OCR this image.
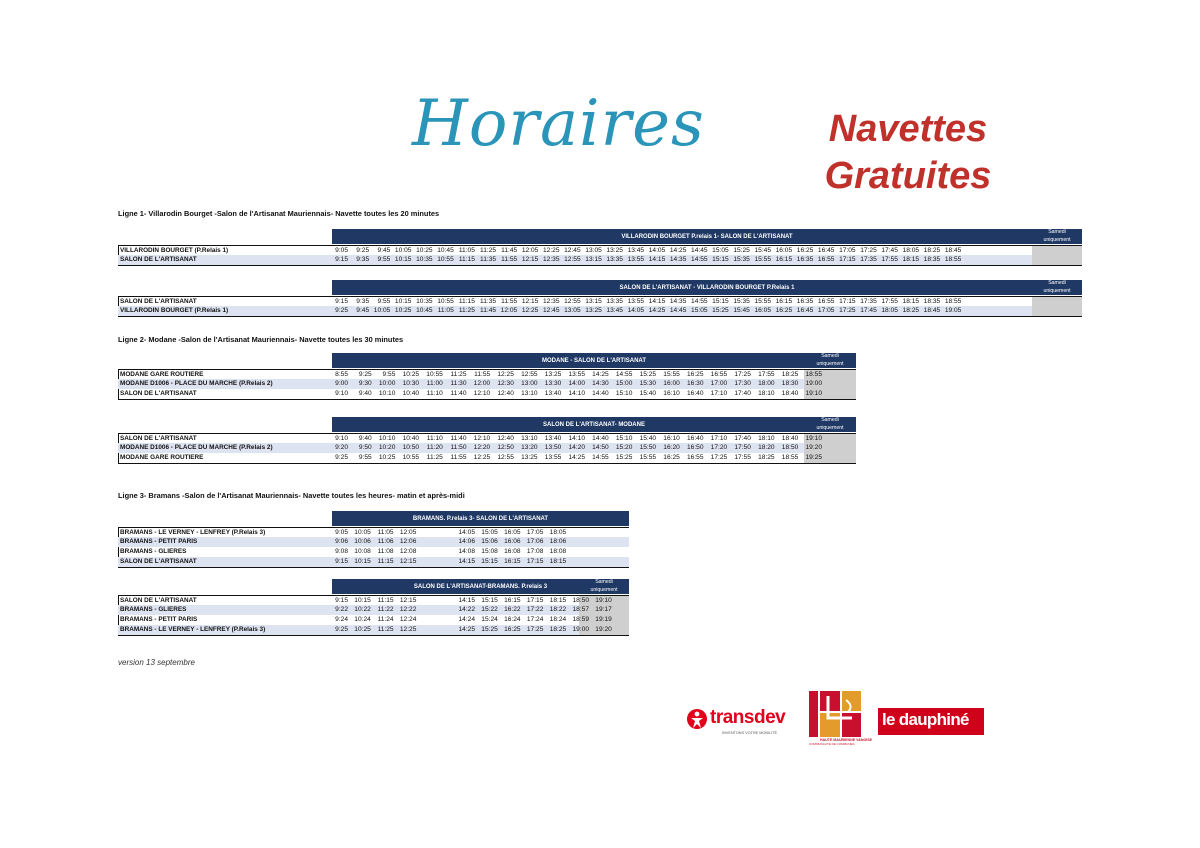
Horaires	Navettes
Gratuites
Ligne 1- Villarodin Bourget -Salon de l'Artisanat Mauriennais- Navette toutes les 20 minutes
Ligne 2- Modane -Salon de l'Artisanat Mauriennais- Navette toutes les 30 minutes
Ligne 3- Bramans -Salon de l'Artisanat Mauriennais- Navette toutes les heures- matin et après-midi
VILLARODIN BOURGET P.relais 1- SALON DE L'ARTISANAT
Samedi
uniquement
VILLARODIN BOURGET (P.Relais 1)	9:05	9:25	9:45 10:05 10:25 10:45 11:05 11:25 11:45 12:05 12:25 12:45 13:05 13:25 13:45 14:05 14:25 14:45 15:05 15:25 15:45 16:05 16:25 16:45 17:05 17:25 17:45 18:05 18:25 18:45
SALON DE L'ARTISANAT	9:15	9:35	9:55 10:15 10:35 10:55 11:15 11:35 11:55 12:15 12:35 12:55 13:15 13:35 13:55 14:15 14:35 14:55 15:15 15:35 15:55 16:15 16:35 16:55 17:15 17:35 17:55 18:15 18:35 18:55
SALON DE L'ARTISANAT - VILLARODIN BOURGET P.Relais 1
Samedi
uniquement
SALON DE L'ARTISANAT	9:15	9:35	9:55 10:15 10:35 10:55 11:15 11:35 11:55 12:15 12:35 12:55 13:15 13:35 13:55 14:15 14:35 14:55 15:15 15:35 15:55 16:15 16:35 16:55 17:15 17:35 17:55 18:15 18:35 18:55
VILLARODIN BOURGET (P.Relais 1)	9:25	9:45 10:05 10:25 10:45 11:05 11:25 11:45 12:05 12:25 12:45 13:05 13:25 13:45 14:05 14:25 14:45 15:05 15:25 15:45 16:05 16:25 16:45 17:05 17:25 17:45 18:05 18:25 18:45 19:05
MODANE - SALON DE L'ARTISANAT
Samedi
uniquement
MODANE GARE ROUTIERE	8:55	9:25	9:55	10:25	10:55	11:25	11:55	12:25	12:55	13:25	13:55	14:25	14:55	15:25	15:55	16:25	16:55	17:25	17:55	18:25	18:55
MODANE D1006 - PLACE DU MARCHE (P.Relais 2)	9:00	9:30	10:00	10:30	11:00	11:30	12:00	12:30	13:00	13:30	14:00	14:30	15:00	15:30	16:00	16:30	17:00	17:30	18:00	18:30	19:00
SALON DE L'ARTISANAT	9:10	9:40	10:10	10:40	11:10	11:40	12:10	12:40	13:10	13:40	14:10	14:40	15:10	15:40	16:10	16:40	17:10	17:40	18:10	18:40	19:10
SALON DE L'ARTISANAT- MODANE
Samedi
uniquement
SALON DE L'ARTISANAT	9:10	9:40	10:10	10:40	11:10	11:40	12:10	12:40	13:10	13:40	14:10	14:40	15:10	15:40	16:10	16:40	17:10	17:40	18:10	18:40	19:10
MODANE D1006 - PLACE DU MARCHE (P.Relais 2)	9:20	9:50	10:20	10:50	11:20	11:50	12:20	12:50	13:20	13:50	14:20	14:50	15:20	15:50	16:20	16:50	17:20	17:50	18:20	18:50	19:20
MODANE GARE ROUTIERE	9:25	9:55	10:25	10:55	11:25	11:55	12:25	12:55	13:25	13:55	14:25	14:55	15:25	15:55	16:25	16:55	17:25	17:55	18:25	18:55	19:25
BRAMANS. P.relais 3- SALON DE L'ARTISANAT
BRAMANS - LE VERNEY - LENFREY (P.Relais 3)	9:05 10:05	11:05 12:05	14:05 15:05 16:05 17:05 18:05
BRAMANS - PETIT PARIS	9:06 10:06	11:06 12:06	14:06 15:06 16:06 17:06 18:06
BRAMANS - GLIERES	9:08 10:08	11:08 12:08	14:08 15:08 16:08 17:08 18:08
SALON DE L'ARTISANAT	9:15 10:15	11:15 12:15	14:15 15:15 16:15 17:15 18:15
SALON DE L'ARTISANAT-BRAMANS. P.relais 3
Samedi
uniquement
SALON DE L'ARTISANAT	9:15 10:15	11:15 12:15	14:15 15:15 16:15 17:15 18:15 18:50 19:10
BRAMANS - GLIERES	9:22 10:22	11:22 12:22	14:22 15:22 16:22 17:22 18:22 18:57 19:17
BRAMANS - PETIT PARIS	9:24 10:24	11:24 12:24	14:24 15:24 16:24 17:24 18:24 18:59 19:19
BRAMANS - LE VERNEY - LENFREY (P.Relais 3)	9:25 10:25	11:25 12:25	14:25 15:25 16:25 17:25 18:25 19:00 19:20
version 13 septembre
transdev
INVENTONS VOTRE MOBILITÉ
HAUTE MAURIENNE VANOISE
COMMUNAUTÉ DE COMMUNES
le dauphiné
